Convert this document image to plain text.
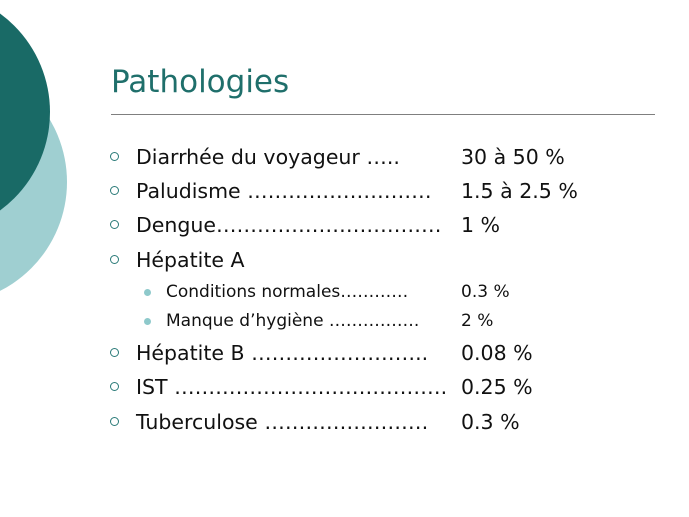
Pathologies
Diarrhée du voyageur …..	30 à 50 %
Paludisme ……………………… 1.5 à 2.5 %
Dengue…………………………… 1 %
Hépatite A
Conditions normales…………	0.3 %
Manque d’hygiène ……………. 2 %
Hépatite B …………………….. 0.08 %
IST …………………………………. 0.25 %
Tuberculose …………………… 0.3 %
